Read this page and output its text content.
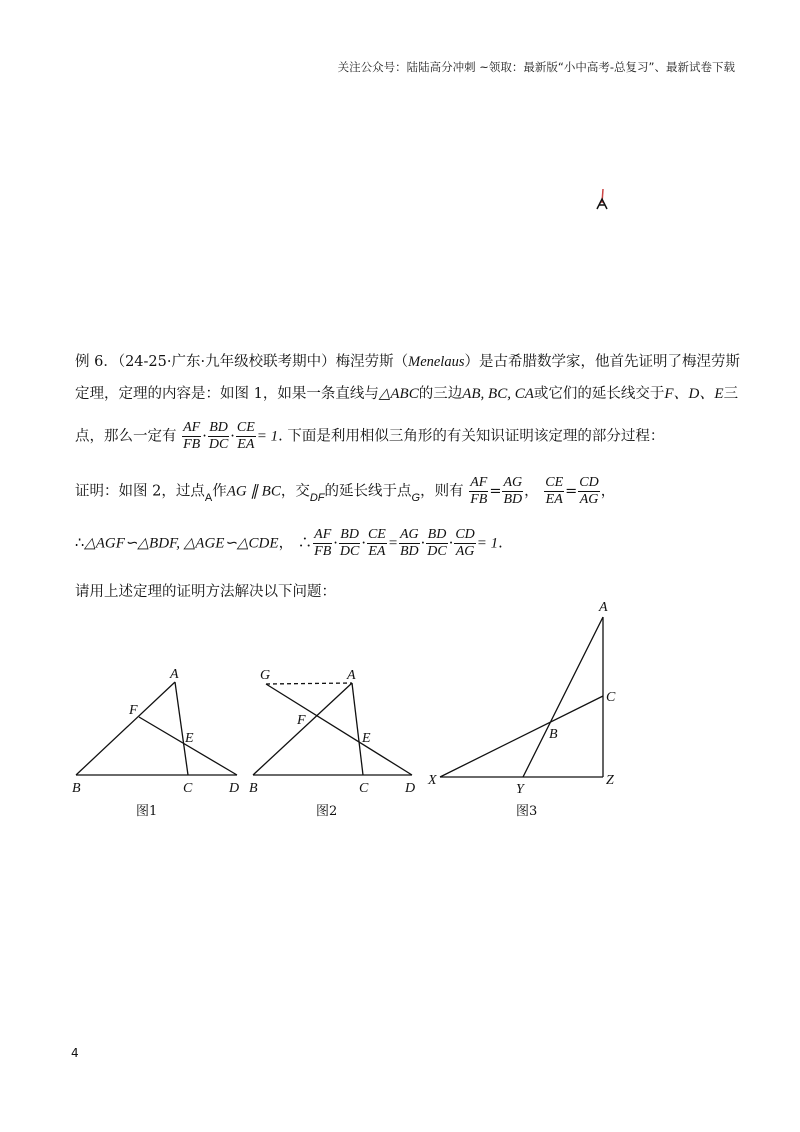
关注公众号：陆陆高分冲刺 ~领取：最新版“小中高考-总复习”、最新试卷下载
例 6．（24-25·广东·九年级校联考期中）梅涅劳斯（Menelaus）是古希腊数学家，他首先证明了梅涅劳斯
定理，定理的内容是：如图 1，如果一条直线与△ABC的三边AB, BC, CA或它们的延长线交于F、D、E三
点，那么一定有 $\frac{AF}{FB} \cdot \frac{BD}{DC} \cdot \frac{CE}{EA} = 1$. 下面是利用相似三角形的有关知识证明该定理的部分过程：
证明：如图 2，过点$_A$作AG ∥ BC，交$_{DF}$的延长线于点$_G$，则有 $\frac{AF}{FB} = \frac{AG}{BD}$ ， $\frac{CE}{EA} = \frac{CD}{AG}$ ，
∴△AGF∽△BDF, △AGE∽△CDE， ∴ $\frac{AF}{FB} \cdot \frac{BD}{DC} \cdot \frac{CE}{EA} = \frac{AG}{BD} \cdot \frac{BD}{DC} \cdot \frac{CD}{AG} = 1$.
请用上述定理的证明方法解决以下问题：
A
F
E
B	C	D
图1
G	A
F
E
B	C	D
图2
A
C
B
X
Y
Z
图3
4
